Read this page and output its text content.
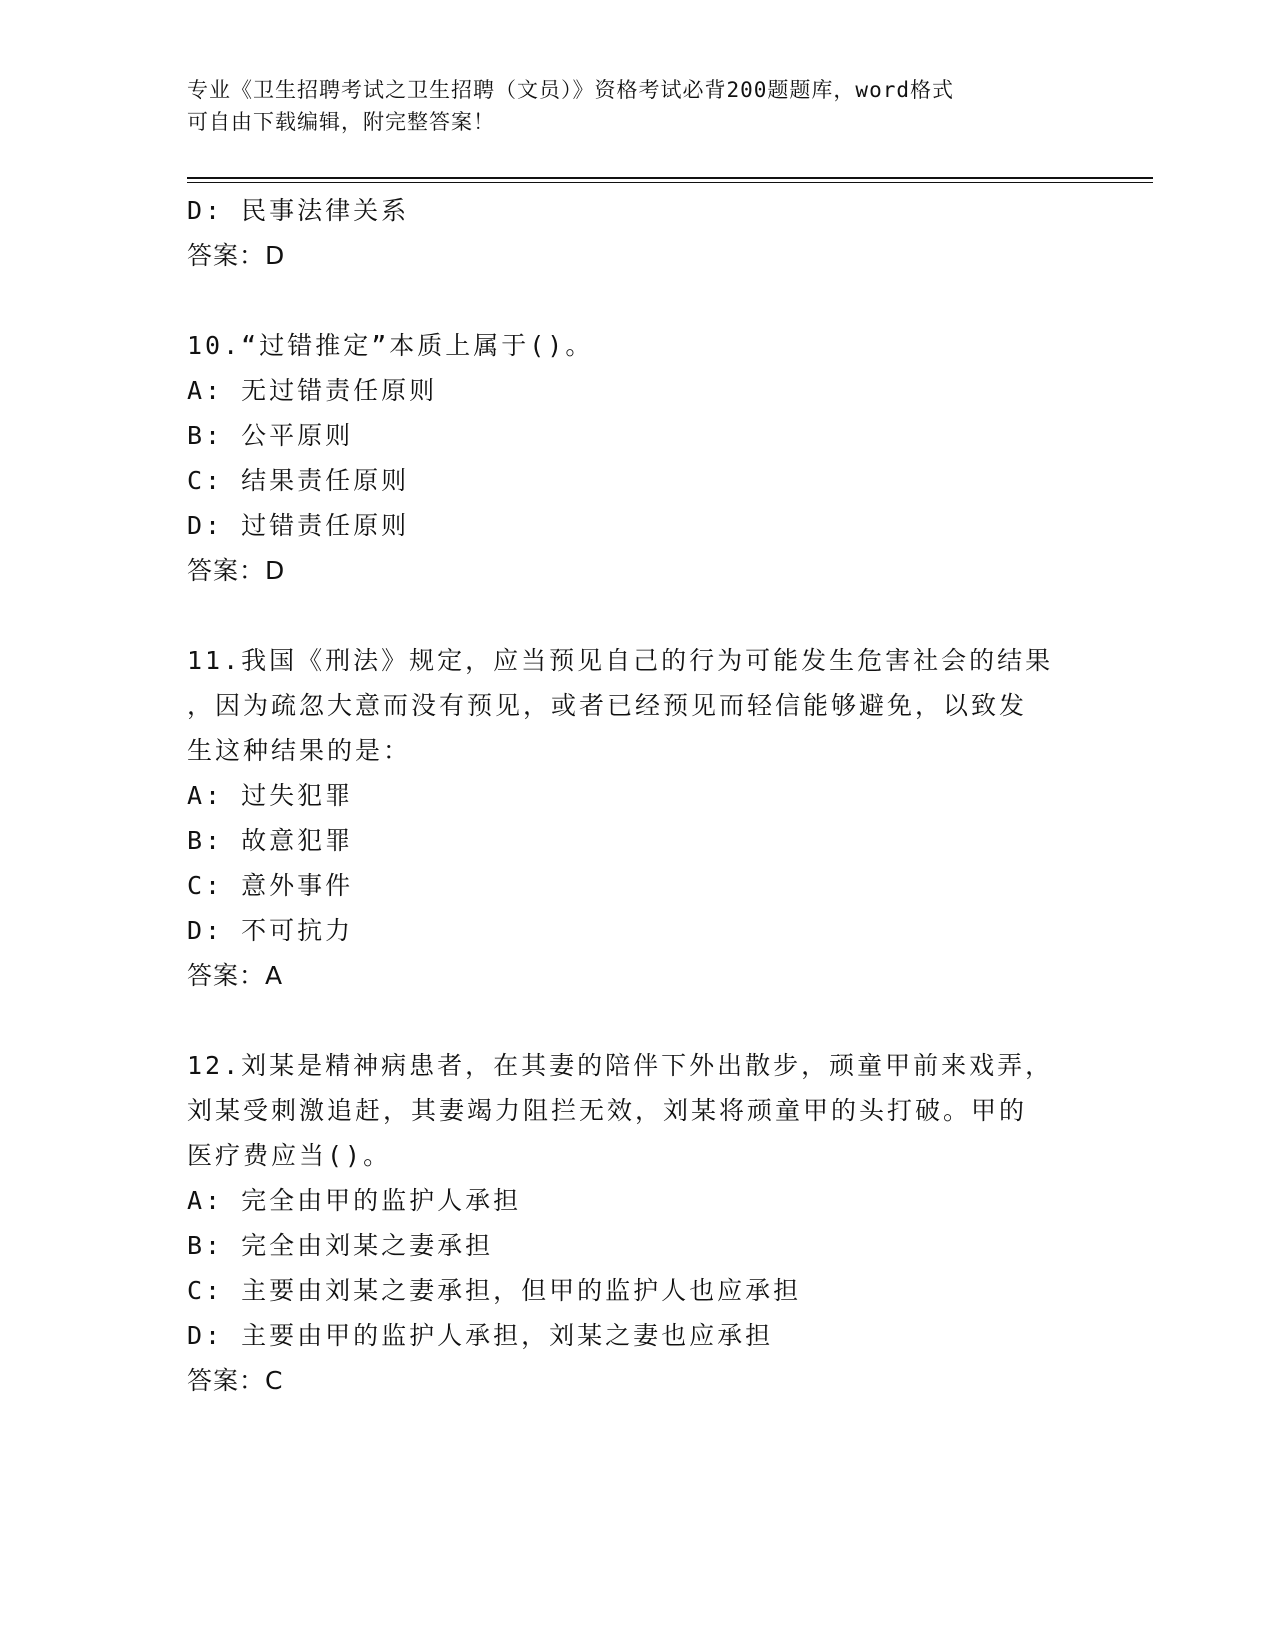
专业《卫生招聘考试之卫生招聘（文员）》资格考试必背200题题库，word格式
可自由下载编辑，附完整答案！
D: 民事法律关系
答案：D
10.“过错推定”本质上属于()。
A: 无过错责任原则
B: 公平原则
C: 结果责任原则
D: 过错责任原则
答案：D
11.我国《刑法》规定，应当预见自己的行为可能发生危害社会的结果
，因为疏忽大意而没有预见，或者已经预见而轻信能够避免，以致发
生这种结果的是：
A: 过失犯罪
B: 故意犯罪
C: 意外事件
D: 不可抗力
答案：A
12.刘某是精神病患者，在其妻的陪伴下外出散步，顽童甲前来戏弄，
刘某受刺激追赶，其妻竭力阻拦无效，刘某将顽童甲的头打破。甲的
医疗费应当()。
A: 完全由甲的监护人承担
B: 完全由刘某之妻承担
C: 主要由刘某之妻承担，但甲的监护人也应承担
D: 主要由甲的监护人承担，刘某之妻也应承担
答案：C
